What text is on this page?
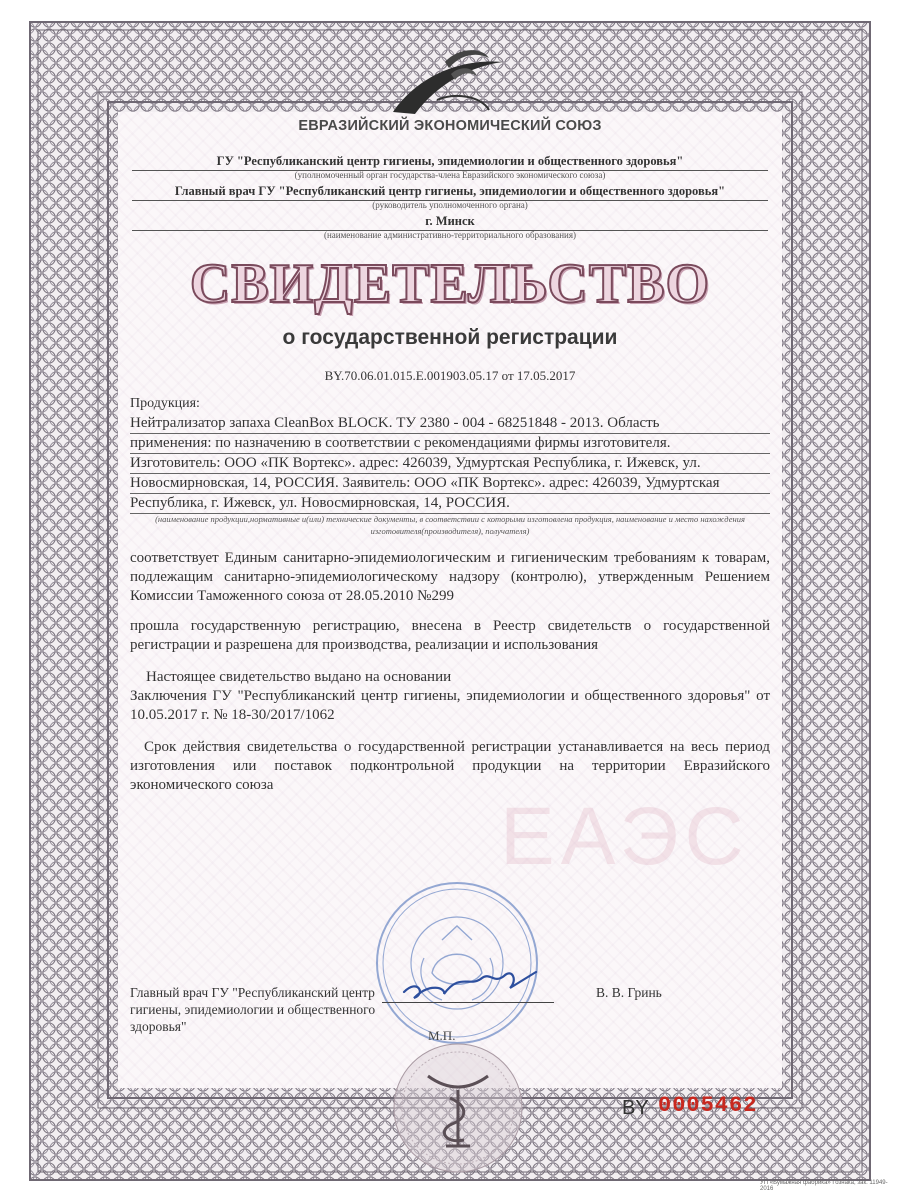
ЕАЭС
ЕВРАЗИЙСКИЙ ЭКОНОМИЧЕСКИЙ СОЮЗ
ГУ "Республиканский центр гигиены, эпидемиологии и общественного здоровья"
(уполномоченный орган государства-члена Евразийского экономического союза)
Главный врач ГУ "Республиканский центр гигиены, эпидемиологии и общественного здоровья"
(руководитель уполномоченного органа)
г. Минск
(наименование административно-территориального образования)
СВИДЕТЕЛЬСТВО
о государственной регистрации
BY.70.06.01.015.E.001903.05.17 от 17.05.2017
Продукция:
Нейтрализатор запаха CleanBox BLOCK. ТУ 2380 - 004 - 68251848 - 2013. Область
применения: по назначению в соответствии с рекомендациями фирмы изготовителя.
Изготовитель: ООО «ПК Вортекс». адрес: 426039, Удмуртская Республика, г. Ижевск, ул.
Новосмирновская, 14, РОССИЯ. Заявитель: ООО «ПК Вортекс». адрес: 426039, Удмуртская
Республика, г. Ижевск, ул. Новосмирновская, 14, РОССИЯ.
(наименование продукции,нормативные и(или) технические документы, в соответствии с которыми изготовлена продукция, наименование и место нахождения изготовителя(производителя), получателя)
соответствует Единым санитарно-эпидемиологическим и гигиеническим требованиям к товарам, подлежащим санитарно-эпидемиологическому надзору (контролю), утвержденным Решением Комиссии Таможенного союза от 28.05.2010 №299
прошла государственную регистрацию, внесена в Реестр свидетельств о государственной регистрации и разрешена для производства, реализации и использования
Настоящее свидетельство выдано на основании
Заключения ГУ "Республиканский центр гигиены, эпидемиологии и общественного здоровья" от 10.05.2017 г. № 18-30/2017/1062
Срок действия свидетельства о государственной регистрации устанавливается на весь период изготовления или поставок подконтрольной продукции на территории Евразийского экономического союза
Главный врач ГУ "Республиканский центр гигиены, эпидемиологии и общественного здоровья"
В. В. Гринь
М.П.
BY 0005462
УП «Бумажная фабрика» Гознака, зак. 11949-2016
